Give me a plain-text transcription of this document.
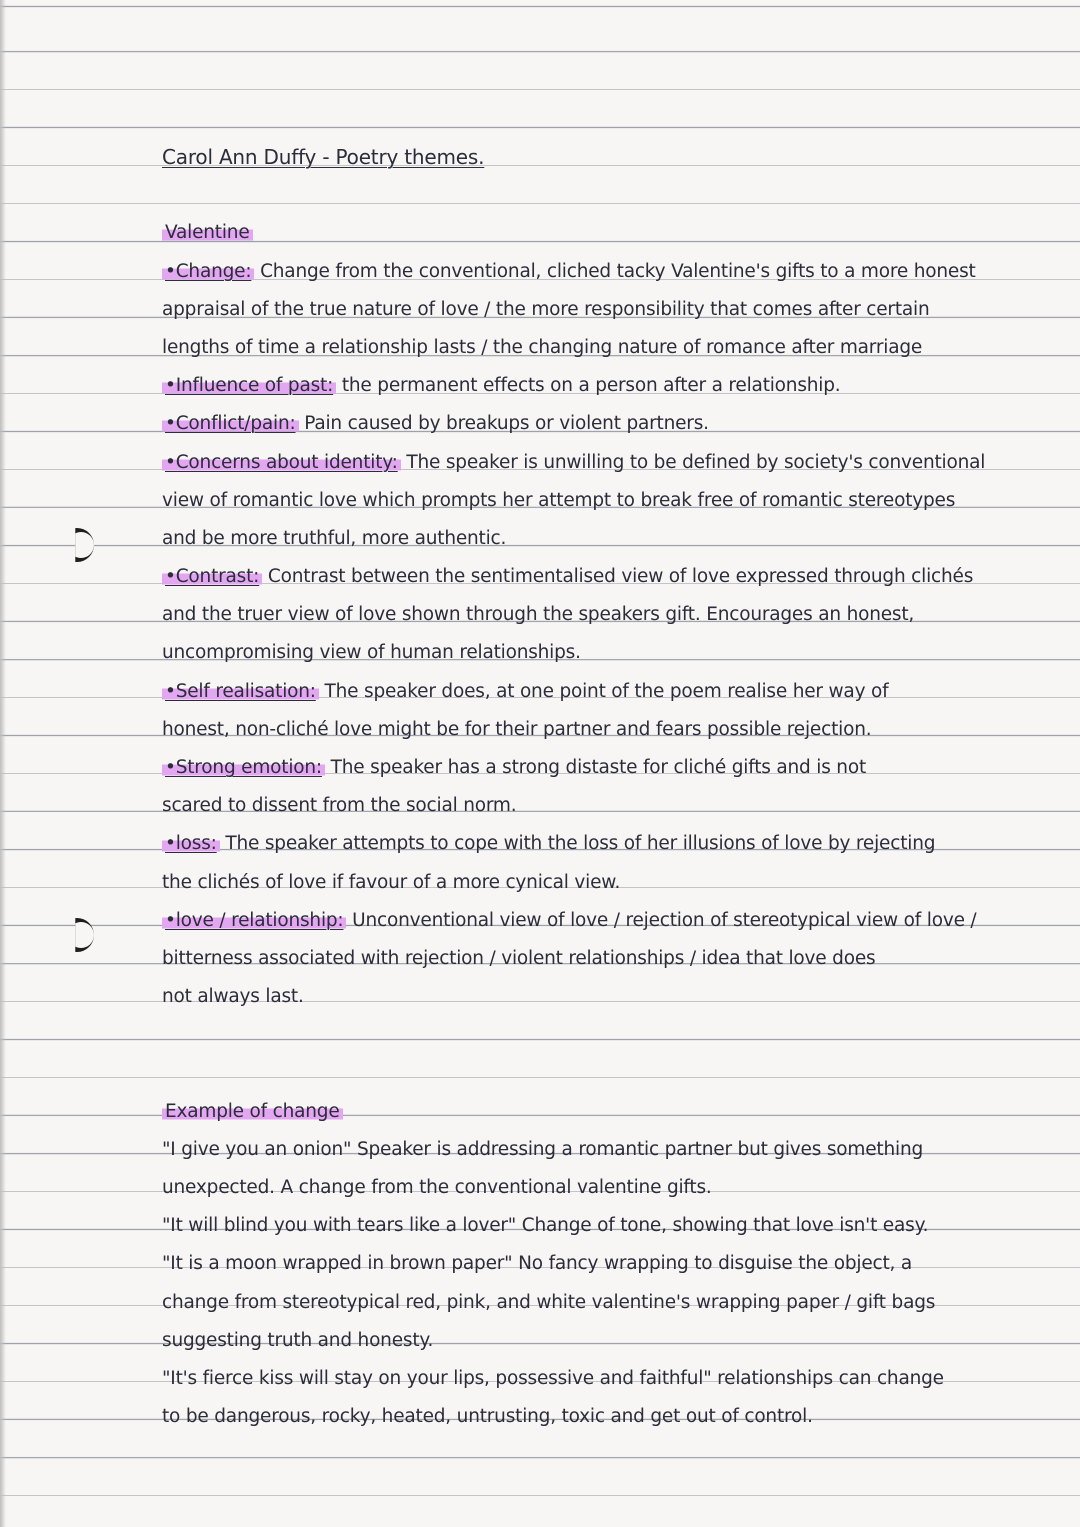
Carol Ann Duffy - Poetry themes.
Valentine
•Change: Change from the conventional, cliched tacky Valentine's gifts to a more honest
appraisal of the true nature of love / the more responsibility that comes after certain
lengths of time a relationship lasts / the changing nature of romance after marriage
•Influence of past: the permanent effects on a person after a relationship.
•Conflict/pain: Pain caused by breakups or violent partners.
•Concerns about identity: The speaker is unwilling to be defined by society's conventional
view of romantic love which prompts her attempt to break free of romantic stereotypes
and be more truthful, more authentic.
•Contrast: Contrast between the sentimentalised view of love expressed through clichés
and the truer view of love shown through the speakers gift. Encourages an honest,
uncompromising view of human relationships.
•Self realisation: The speaker does, at one point of the poem realise her way of
honest, non-cliché love might be for their partner and fears possible rejection.
•Strong emotion: The speaker has a strong distaste for cliché gifts and is not
scared to dissent from the social norm.
•loss: The speaker attempts to cope with the loss of her illusions of love by rejecting
the clichés of love if favour of a more cynical view.
•love / relationship: Unconventional view of love / rejection of stereotypical view of love /
bitterness associated with rejection / violent relationships / idea that love does
not always last.
Example of change
"I give you an onion" Speaker is addressing a romantic partner but gives something
unexpected. A change from the conventional valentine gifts.
"It will blind you with tears like a lover" Change of tone, showing that love isn't easy.
"It is a moon wrapped in brown paper" No fancy wrapping to disguise the object, a
change from stereotypical red, pink, and white valentine's wrapping paper / gift bags
suggesting truth and honesty.
"It's fierce kiss will stay on your lips, possessive and faithful" relationships can change
to be dangerous, rocky, heated, untrusting, toxic and get out of control.
